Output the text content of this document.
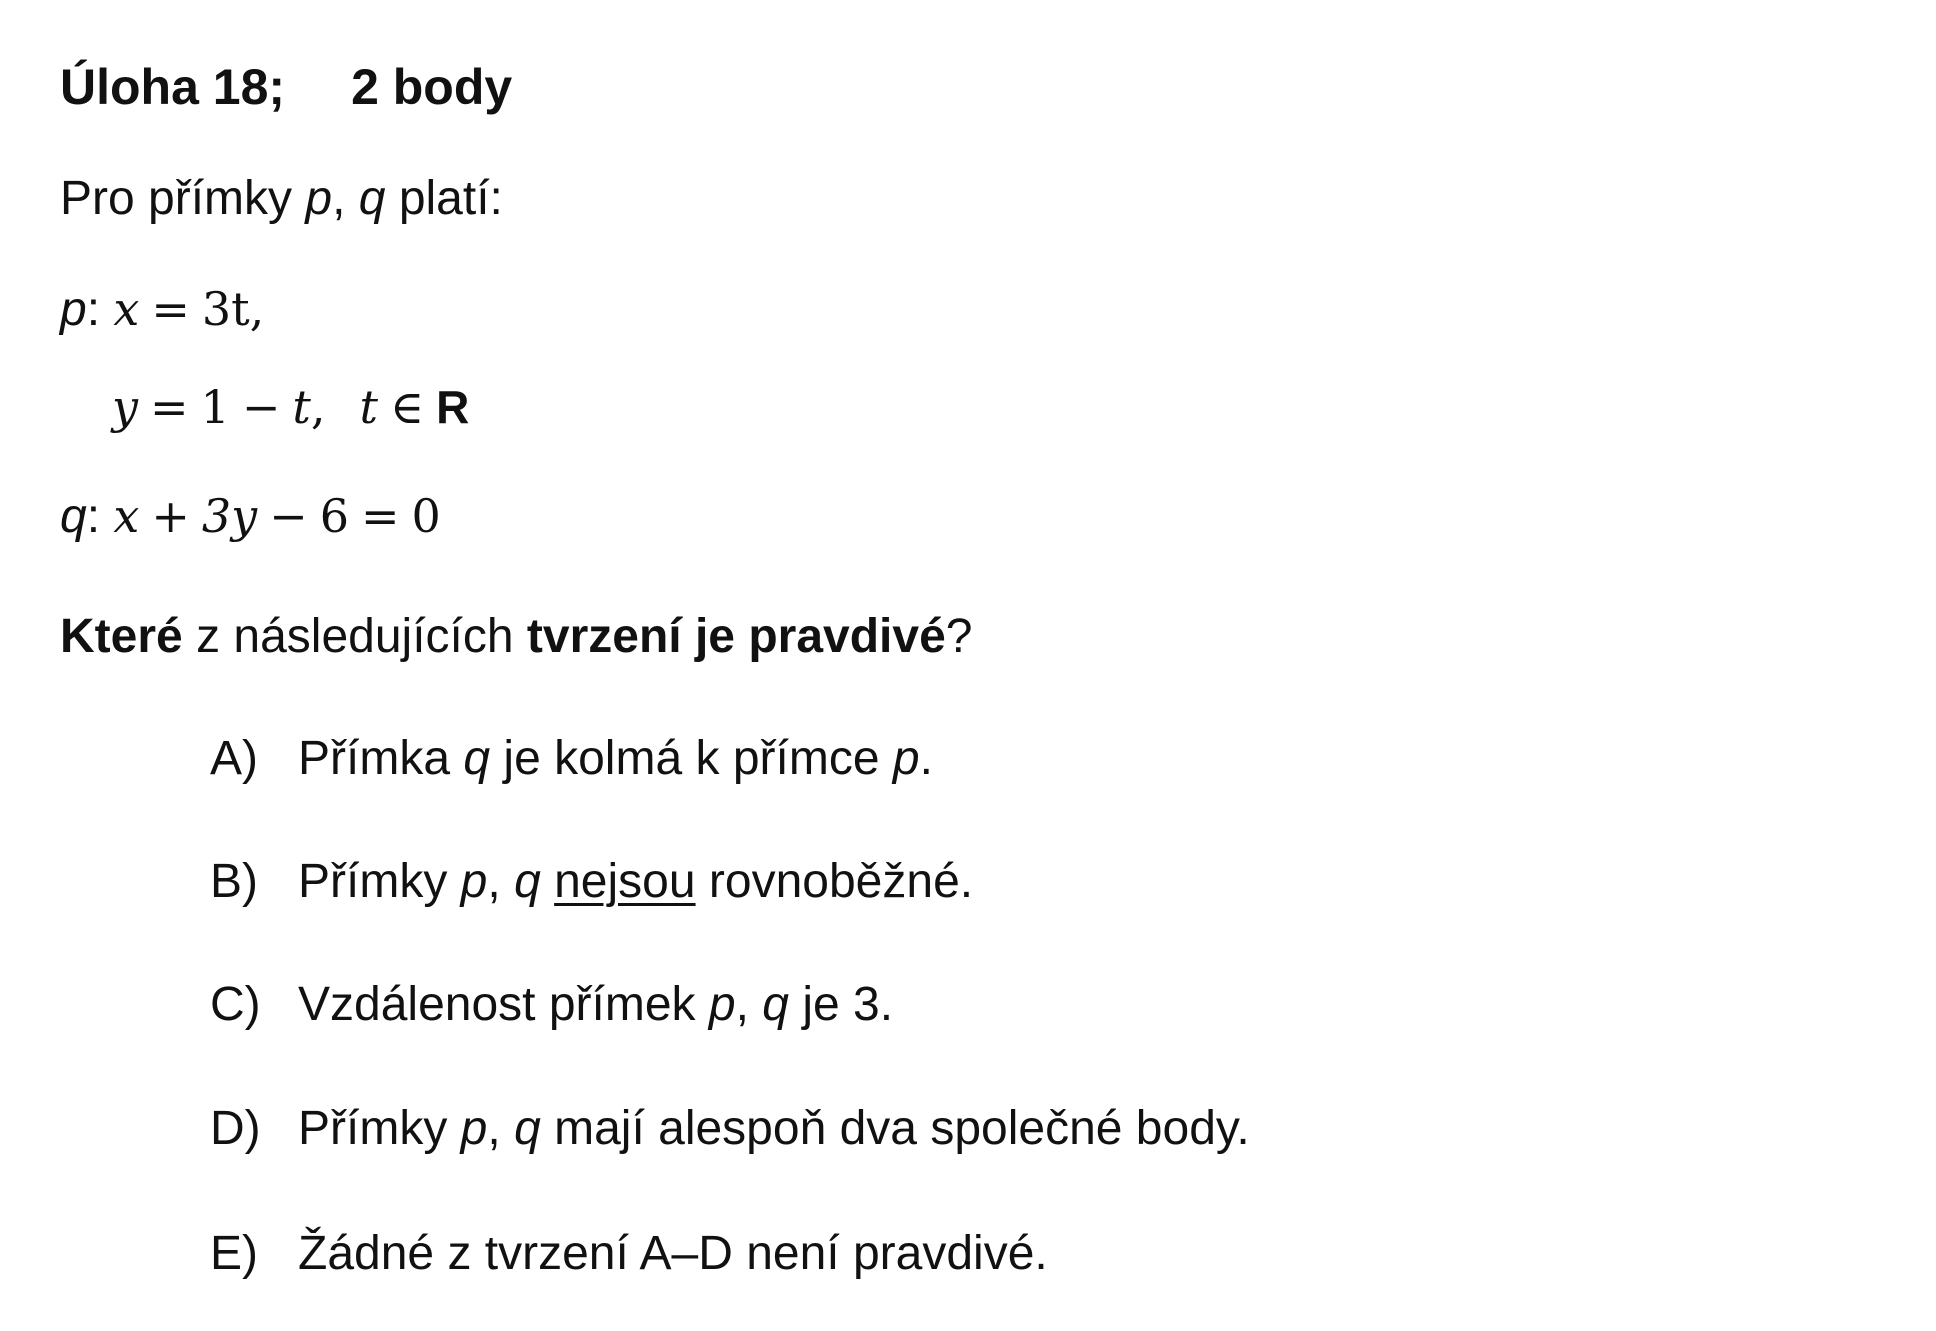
Úloha 18; 2 body
Pro přímky p, q platí:
p: x = 3t,
y = 1 − t, t ∈ R
q: x + 3y − 6 = 0
Které z následujících tvrzení je pravdivé?
A) Přímka q je kolmá k přímce p.
B) Přímky p, q nejsou rovnoběžné.
C) Vzdálenost přímek p, q je 3.
D) Přímky p, q mají alespoň dva společné body.
E) Žádné z tvrzení A–D není pravdivé.
